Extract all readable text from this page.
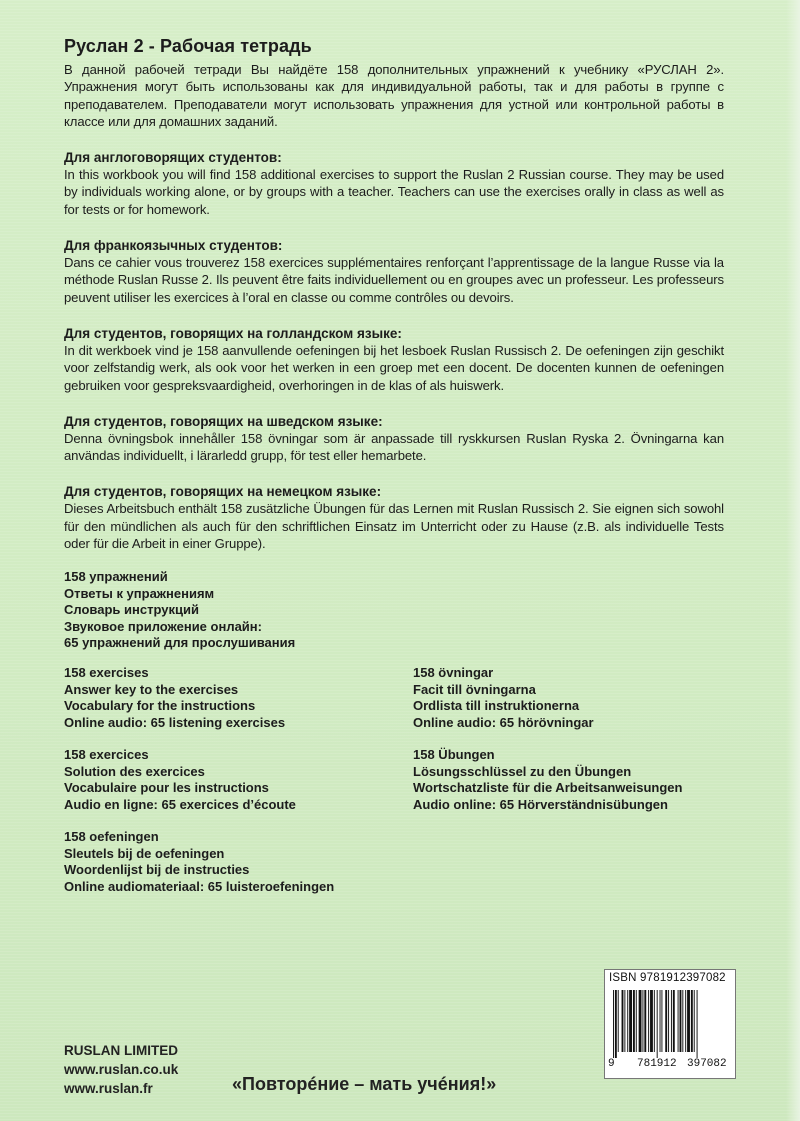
Руслан 2 - Рабочая тетрадь

В данной рабочей тетради Вы найдёте 158 дополнительных упражнений к учебнику «РУСЛАН 2». Упражнения могут быть использованы как для индивидуальной работы, так и для работы в группе с преподавателем. Преподаватели могут использовать упражнения для устной или контрольной работы в классе или для домашних заданий.

Для англоговорящих студентов:

In this workbook you will find 158 additional exercises to support the Ruslan 2 Russian course. They may be used by individuals working alone, or by groups with a teacher. Teachers can use the exercises orally in class as well as for tests or for homework.

Для франкоязычных студентов:

Dans ce cahier vous trouverez 158 exercices supplémentaires renforçant l’apprentissage de la langue Russe via la méthode Ruslan Russe 2. Ils peuvent être faits individuellement ou en groupes avec un professeur. Les professeurs peuvent utiliser les exercices à l’oral en classe ou comme contrôles ou devoirs.

Для студентов, говорящих на голландском языке:

In dit werkboek vind je 158 aanvullende oefeningen bij het lesboek Ruslan Russisch 2. De oefeningen zijn geschikt voor zelfstandig werk, als ook voor het werken in een groep met een docent. De docenten kunnen de oefeningen gebruiken voor gespreksvaardigheid, overhoringen in de klas of als huiswerk.

Для студентов, говорящих на шведском языке:

Denna övningsbok innehåller 158 övningar som är anpassade till ryskkursen Ruslan Ryska 2. Övningarna kan användas individuellt, i lärarledd grupp, för test eller hemarbete.

Для студентов, говорящих на немецком языке:

Dieses Arbeitsbuch enthält 158 zusätzliche Übungen für das Lernen mit Ruslan Russisch 2. Sie eignen sich sowohl für den mündlichen als auch für den schriftlichen Einsatz im Unterricht oder zu Hause (z.B. als individuelle Tests oder für die Arbeit in einer Gruppe).

158 упражнений

Ответы к упражнениям

Словарь инструкций

Звуковое приложение онлайн:

65 упражнений для прослушивания

158 exercises

Answer key to the exercises

Vocabulary for the instructions

Online audio: 65 listening exercises

158 övningar

Facit till övningarna

Ordlista till instruktionerna

Online audio: 65 hörövningar

158 exercices

Solution des exercices

Vocabulaire pour les instructions

Audio en ligne: 65 exercices d’écoute

158 Übungen

Lösungsschlüssel zu den Übungen

Wortschatzliste für die Arbeitsanweisungen

Audio online: 65 Hörverständnisübungen

158 oefeningen

Sleutels bij de oefeningen

Woordenlijst bij de instructies

Online audiomateriaal: 65 luisteroefeningen

ISBN 9781912397082
9 781912 397082

RUSLAN LIMITED

www.ruslan.co.uk

www.ruslan.fr	«Повторéние – мать учéния!»
